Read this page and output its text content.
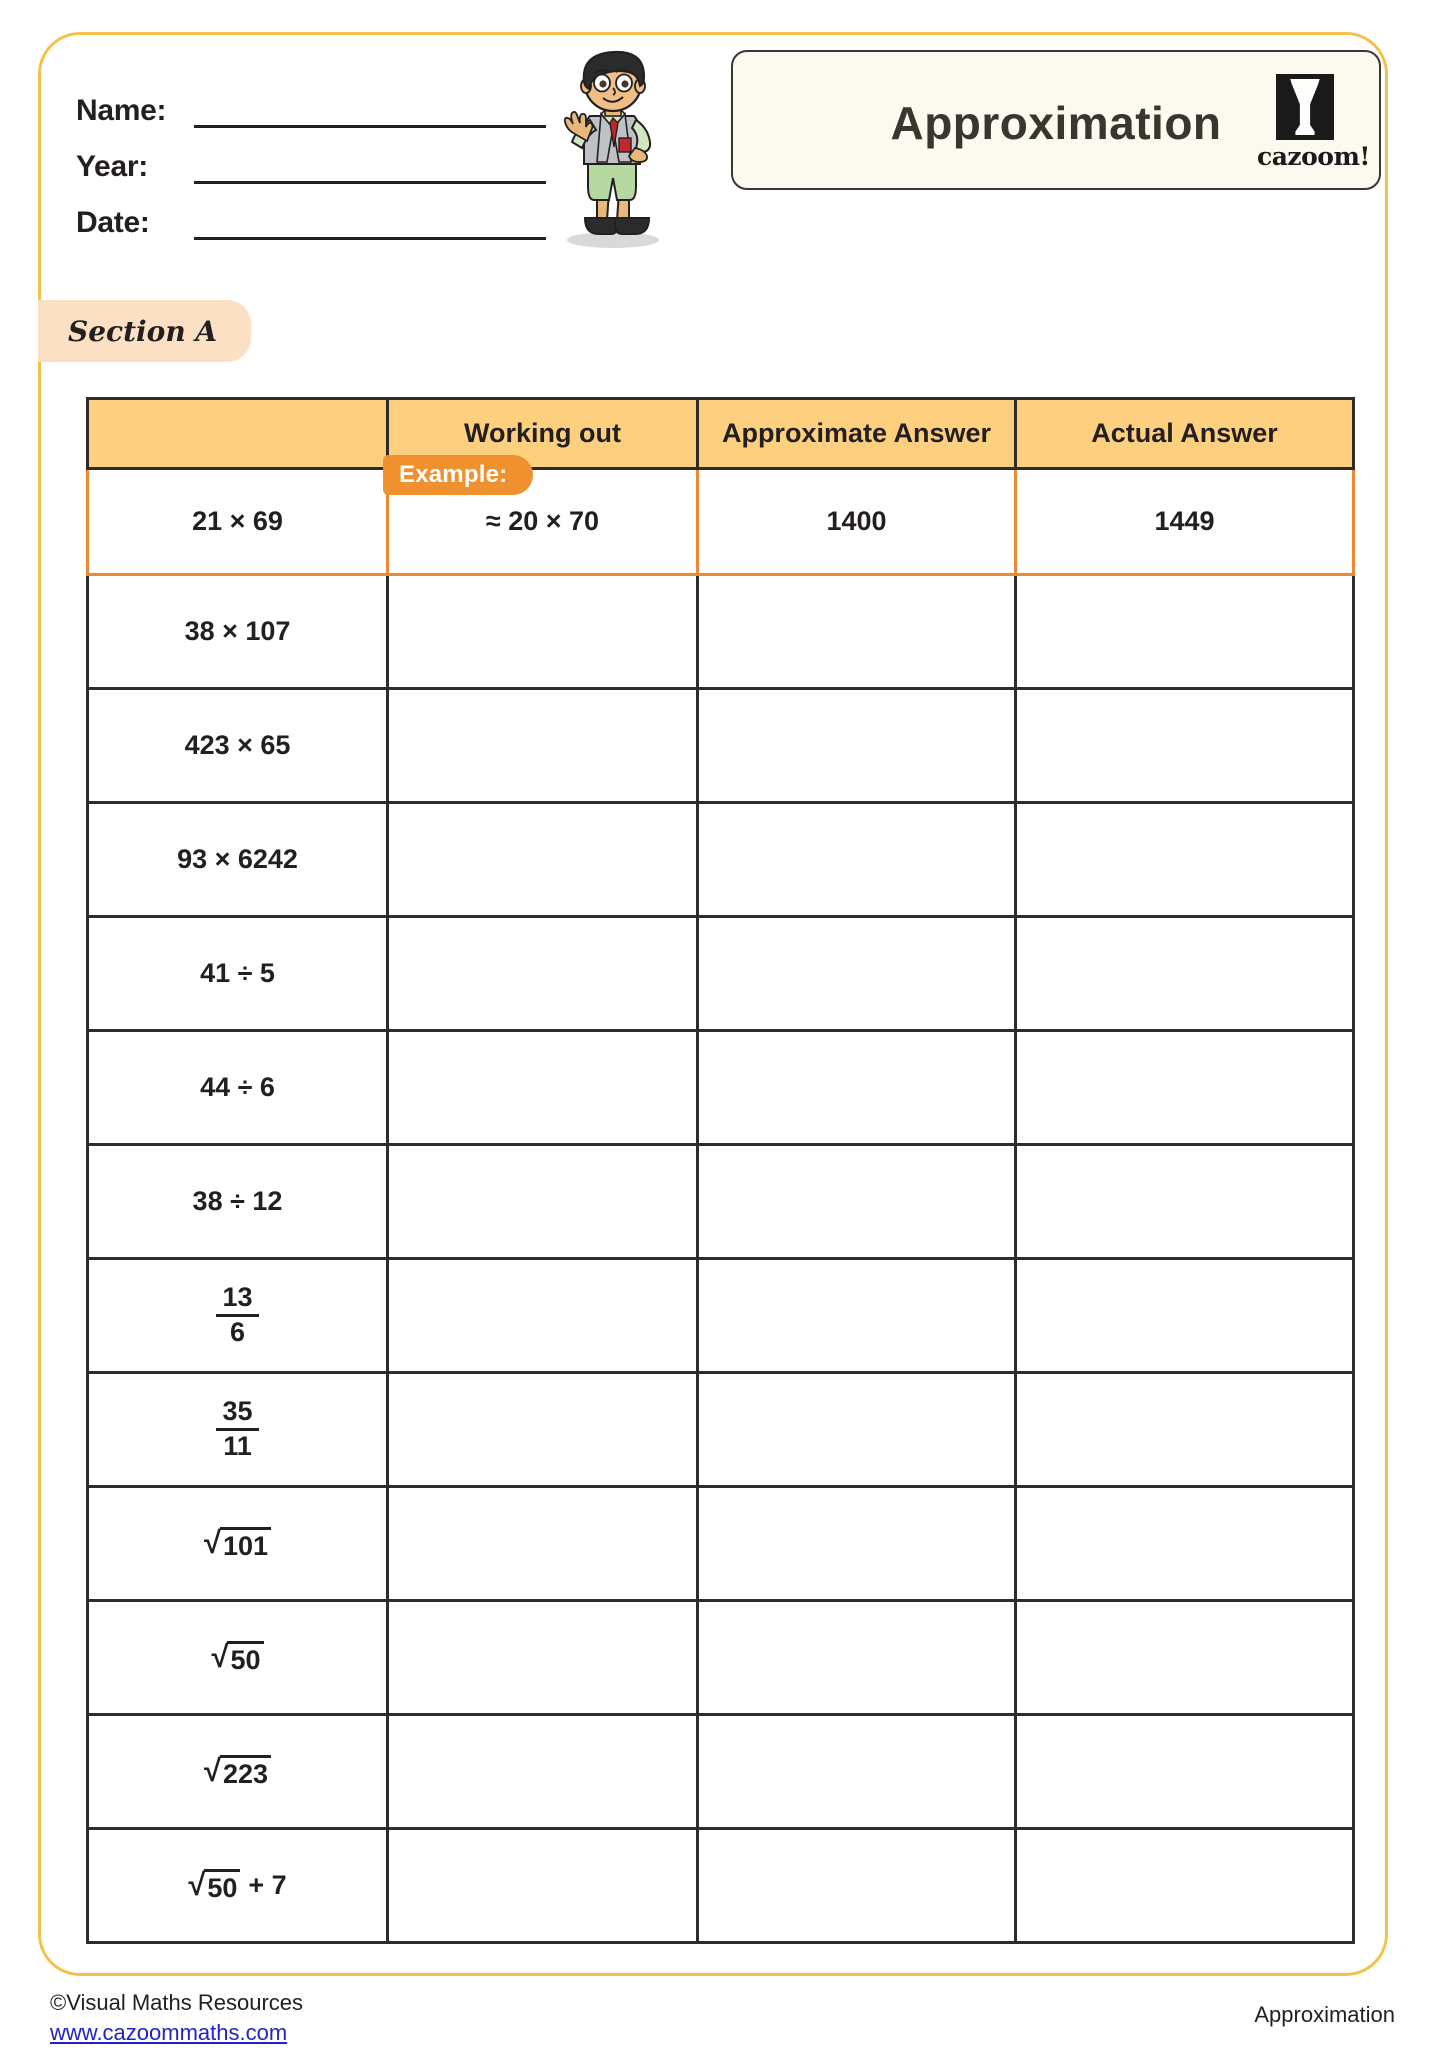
Name:
Year:
Date:
Approximation
cazoom!
Section A
Example:
	Working out	Approximate Answer	Actual Answer
21 × 69	≈ 20 × 70	1400	1449
38 × 107			
423 × 65			
93 × 6242			
41 ÷ 5			
44 ÷ 6			
38 ÷ 12			

$\frac{13}{6}$

$\frac{35}{11}$

√ 101			

√ 50			

√ 223			

√ 50 + 7			
©Visual Maths Resources
www.cazoommaths.com
Approximation
